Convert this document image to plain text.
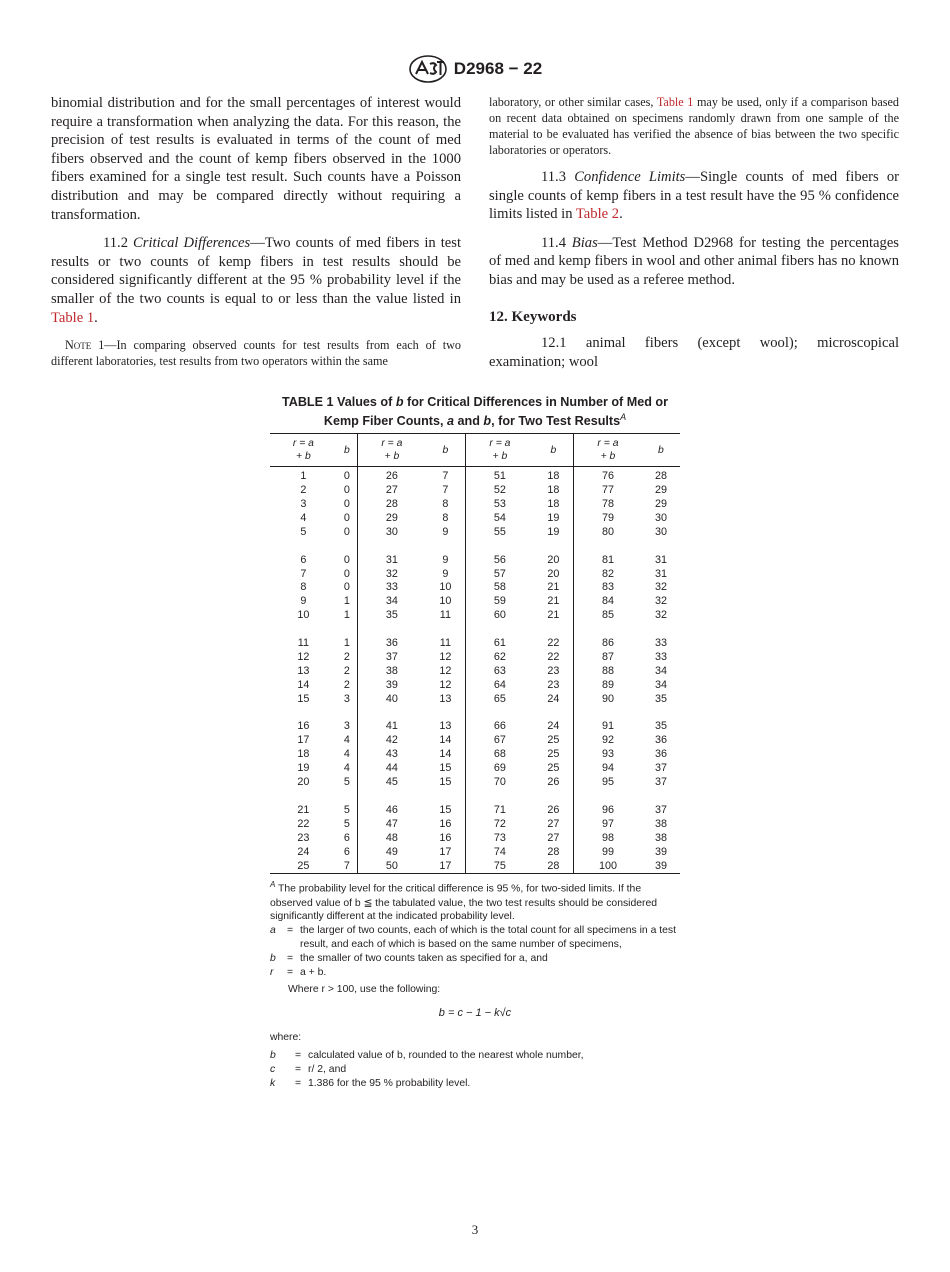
D2968 − 22

binomial distribution and for the small percentages of interest would require a transformation when analyzing the data. For this reason, the precision of test results is evaluated in terms of the count of med fibers observed and the count of kemp fibers observed in the 1000 fibers examined for a single test result. Such counts have a Poisson distribution and may be compared directly without requiring a transformation.

11.2 Critical Differences—Two counts of med fibers in test results or two counts of kemp fibers in test results should be considered significantly different at the 95 % probability level if the smaller of the two counts is equal to or less than the value listed in Table 1.

Note 1—In comparing observed counts for test results from each of two different laboratories, test results from two operators within the same

laboratory, or other similar cases, Table 1 may be used, only if a comparison based on recent data obtained on specimens randomly drawn from one sample of the material to be evaluated has verified the absence of bias between the two specific laboratories or operators.

11.3 Confidence Limits—Single counts of med fibers or single counts of kemp fibers in a test result have the 95 % confidence limits listed in Table 2.

11.4 Bias—Test Method D2968 for testing the percentages of med and kemp fibers in wool and other animal fibers has no known bias and may be used as a referee method.

12. Keywords

12.1 animal fibers (except wool); microscopical examination; wool

TABLE 1 Values of b for Critical Differences in Number of Med or
Kemp Fiber Counts, a and b, for Two Test Results$^A$
r = a
+ b	b	r = a
+ b	b	r = a
+ b	b	r = a
+ b	b
1	0	26	7	51	18	76	28
2	0	27	7	52	18	77	29
3	0	28	8	53	18	78	29
4	0	29	8	54	19	79	30
5	0	30	9	55	19	80	30

6	0	31	9	56	20	81	31
7	0	32	9	57	20	82	31
8	0	33	10	58	21	83	32
9	1	34	10	59	21	84	32
10	1	35	11	60	21	85	32

11	1	36	11	61	22	86	33
12	2	37	12	62	22	87	33
13	2	38	12	63	23	88	34
14	2	39	12	64	23	89	34
15	3	40	13	65	24	90	35

16	3	41	13	66	24	91	35
17	4	42	14	67	25	92	36
18	4	43	14	68	25	93	36
19	4	44	15	69	25	94	37
20	5	45	15	70	26	95	37

21	5	46	15	71	26	96	37
22	5	47	16	72	27	97	38
23	6	48	16	73	27	98	38
24	6	49	17	74	28	99	39
25	7	50	17	75	28	100	39
$^A$ The probability level for the critical difference is 95 %, for two-sided limits. If the observed value of b ≦ the tabulated value, the two test results should be considered significantly different at the indicated probability level.
a	= the larger of two counts, each of which is the total count for all specimens in a test result, and each of which is based on the same number of specimens,
b	= the smaller of two counts taken as specified for a, and
r	= a + b.
Where r > 100, use the following:
b = c − 1 − k√c
where:
b	= calculated value of b, rounded to the nearest whole number,
c	= r/ 2, and
k	= 1.386 for the 95 % probability level.
3
